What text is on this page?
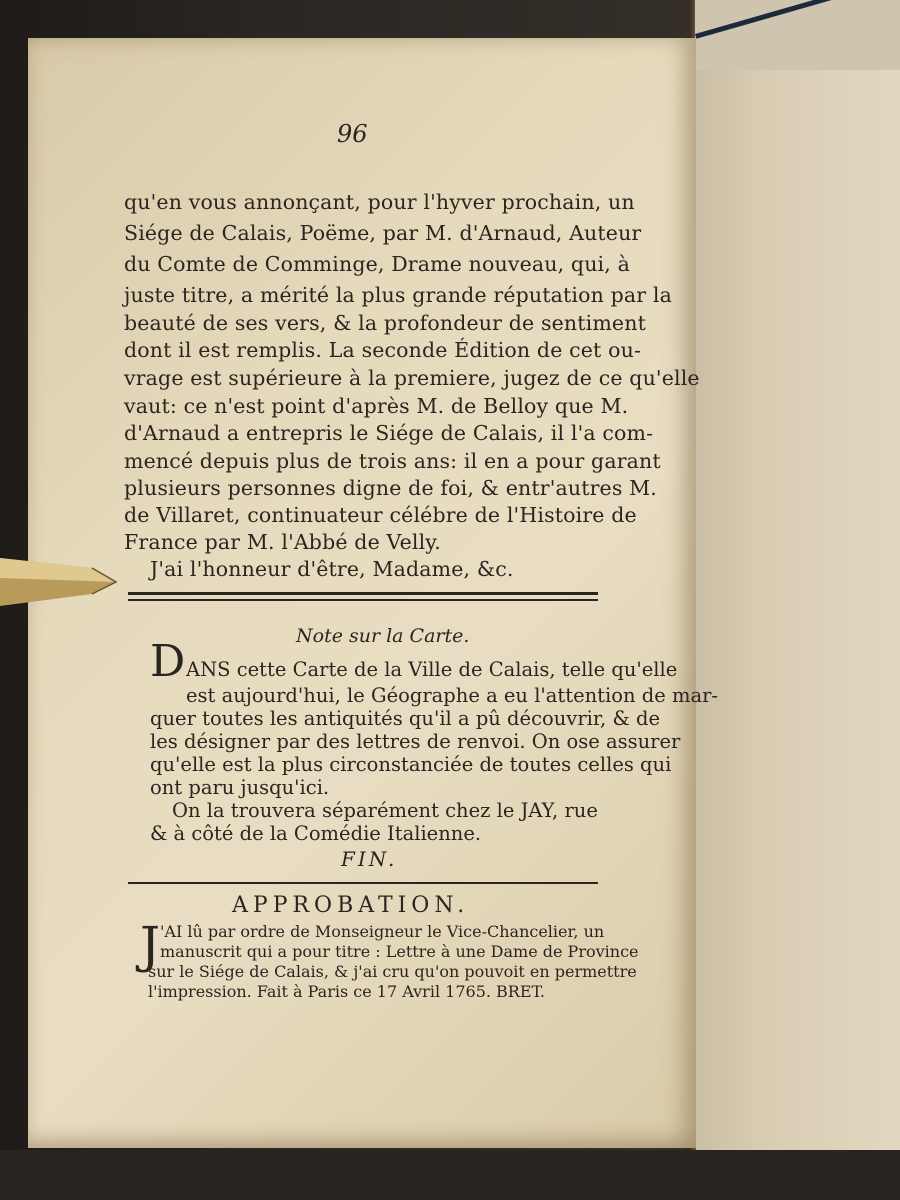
96
qu'en vous annonçant, pour l'hyver prochain, un
Siége de Calais, Poëme, par M. d'Arnaud, Auteur
du Comte de Comminge, Drame nouveau, qui, à
juste titre, a mérité la plus grande réputation par la
beauté de ses vers, & la profondeur de sentiment
dont il est remplis. La seconde Édition de cet ou-
vrage est supérieure à la premiere, jugez de ce qu'elle
vaut: ce n'est point d'après M. de Belloy que M.
d'Arnaud a entrepris le Siége de Calais, il l'a com-
mencé depuis plus de trois ans: il en a pour garant
plusieurs personnes digne de foi, & entr'autres M.
de Villaret, continuateur célébre de l'Histoire de
France par M. l'Abbé de Velly.
J'ai l'honneur d'être, Madame, &c.
Note sur la Carte.
D ANS cette Carte de la Ville de Calais, telle qu'elle
est aujourd'hui, le Géographe a eu l'attention de mar-
quer toutes les antiquités qu'il a pû découvrir, & de
les désigner par des lettres de renvoi. On ose assurer
qu'elle est la plus circonstanciée de toutes celles qui
ont paru jusqu'ici.
On la trouvera séparément chez le JAY, rue
& à côté de la Comédie Italienne.
FIN.
APPROBATION.
J 'AI lû par ordre de Monseigneur le Vice-Chancelier, un
manuscrit qui a pour titre : Lettre à une Dame de Province
sur le Siége de Calais, & j'ai cru qu'on pouvoit en permettre
l'impression. Fait à Paris ce 17 Avril 1765. BRET.
